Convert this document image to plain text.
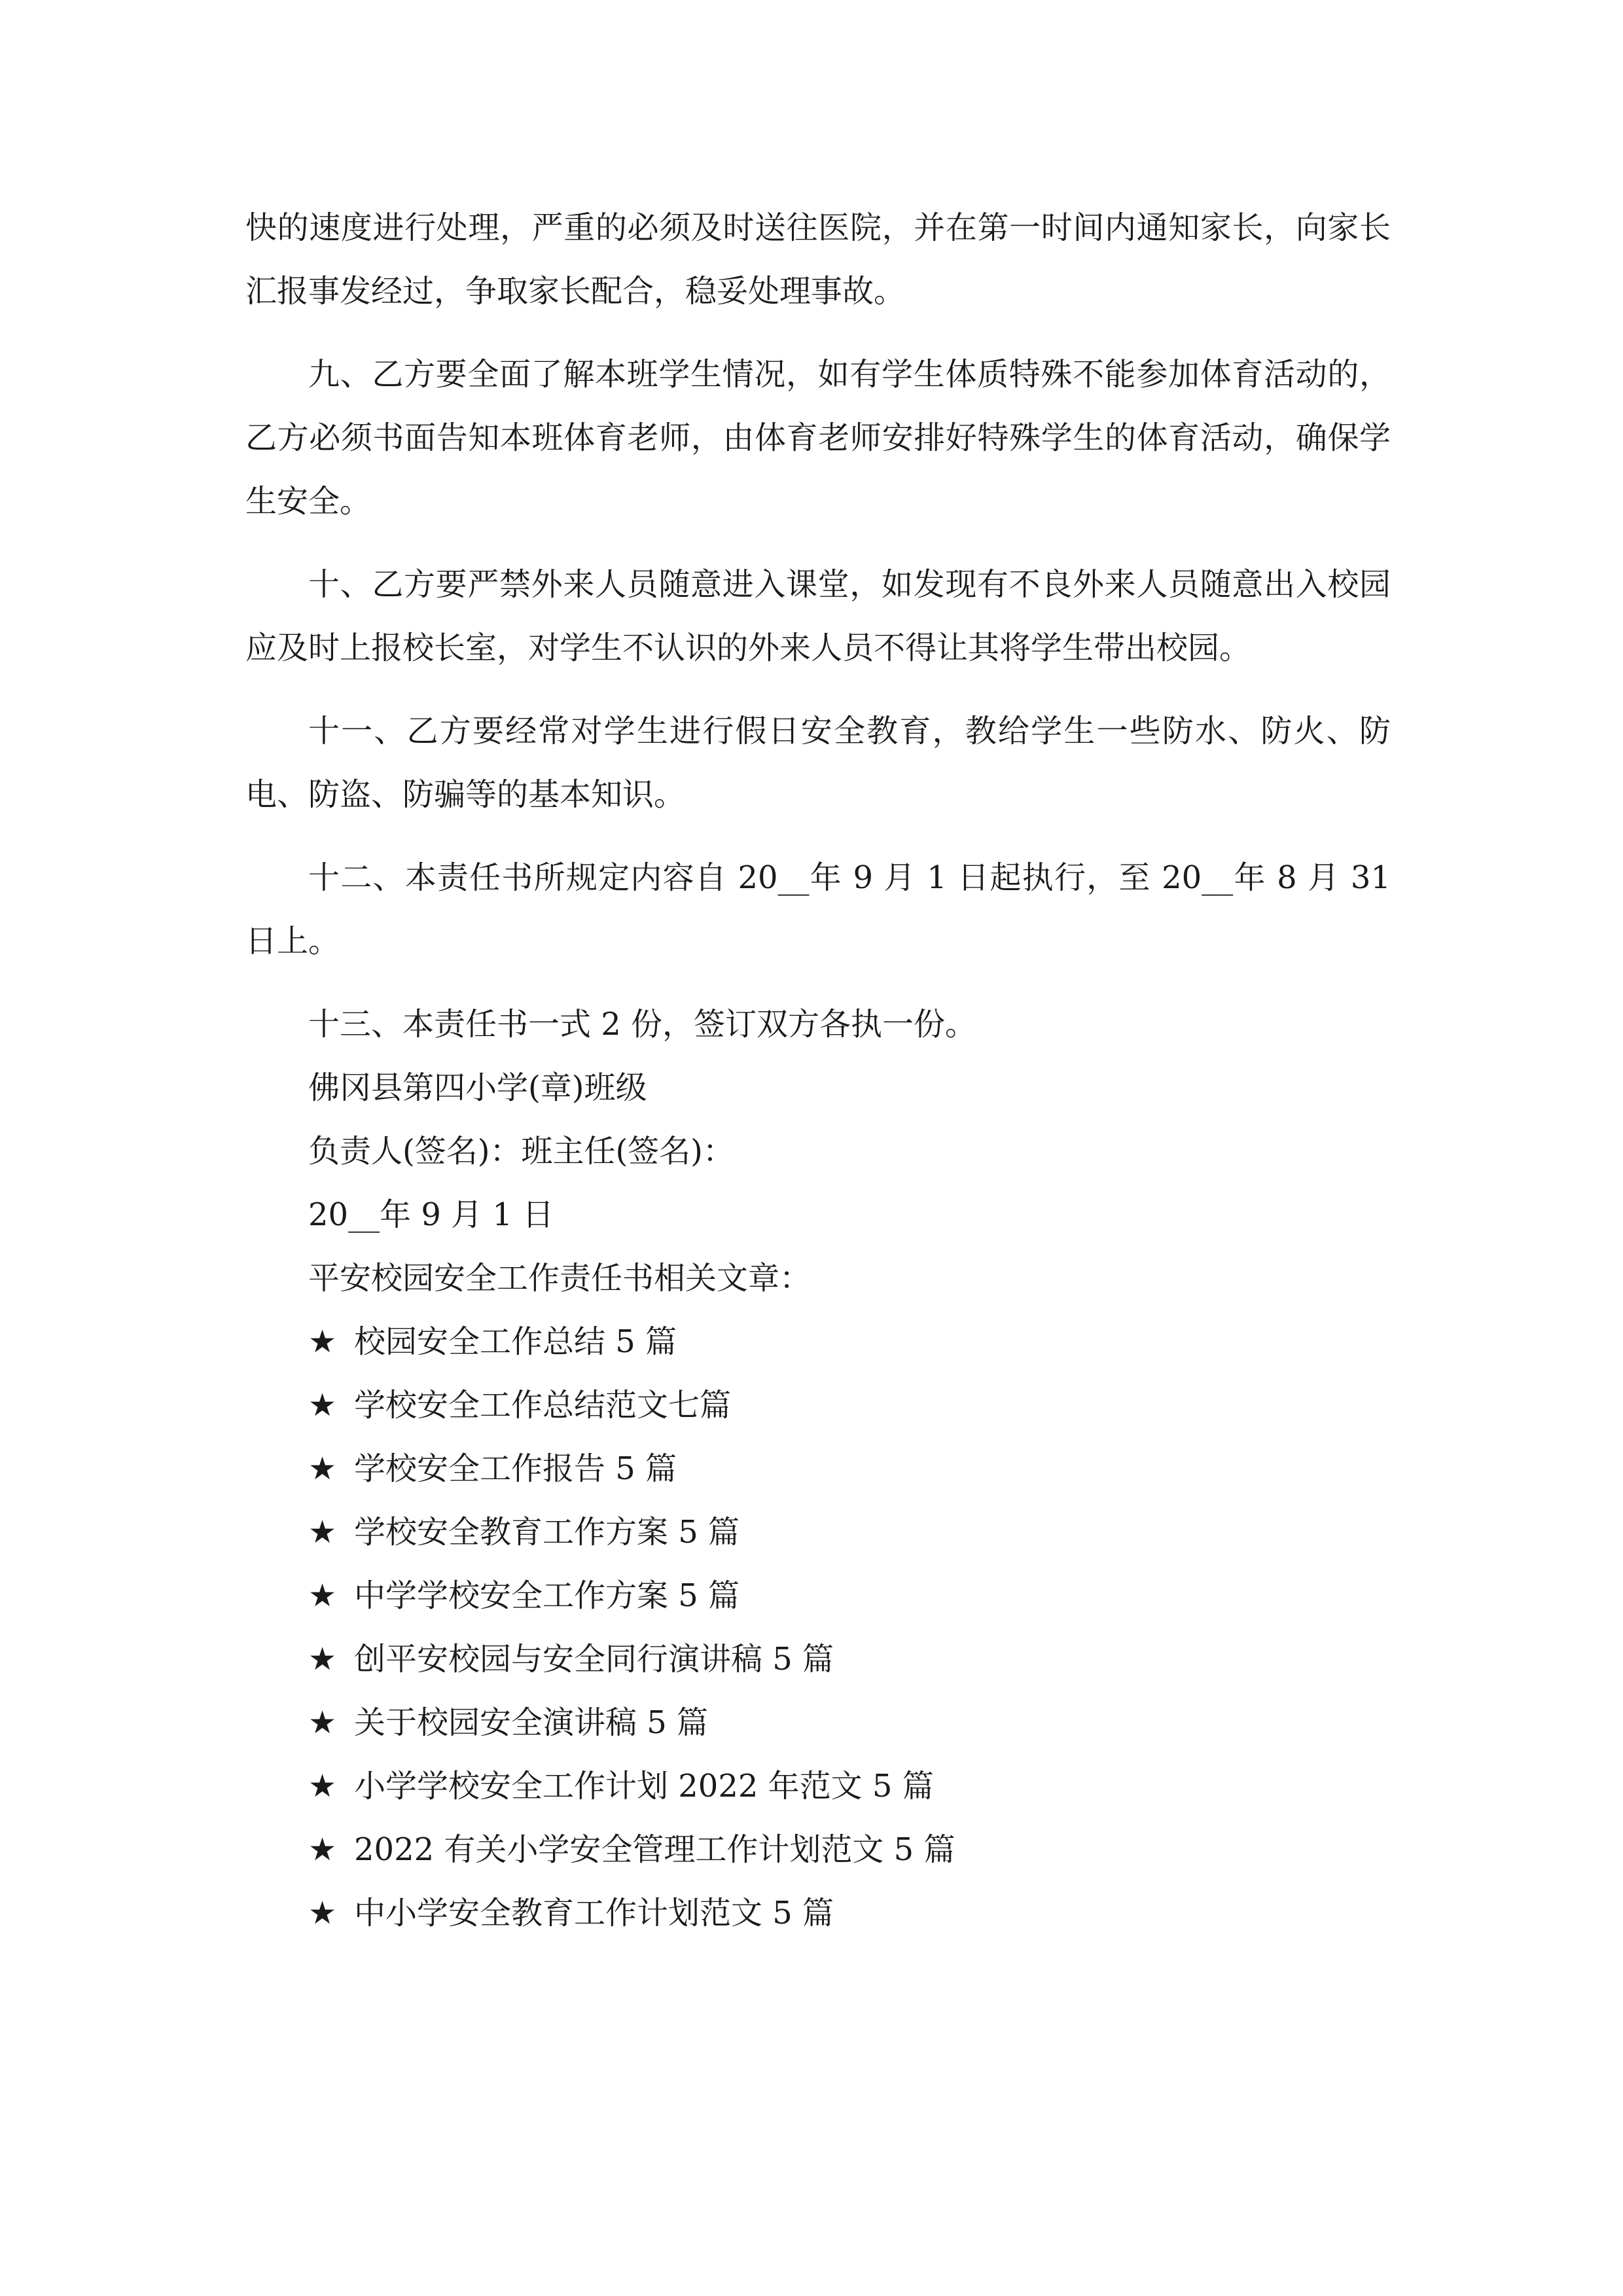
快的速度进行处理，严重的必须及时送往医院，并在第一时间内通知家长，向家长汇报事发经过，争取家长配合，稳妥处理事故。

九、乙方要全面了解本班学生情况，如有学生体质特殊不能参加体育活动的，乙方必须书面告知本班体育老师，由体育老师安排好特殊学生的体育活动，确保学生安全。

十、乙方要严禁外来人员随意进入课堂，如发现有不良外来人员随意出入校园应及时上报校长室，对学生不认识的外来人员不得让其将学生带出校园。

十一、乙方要经常对学生进行假日安全教育，教给学生一些防水、防火、防电、防盗、防骗等的基本知识。

十二、本责任书所规定内容自 20__年 9 月 1 日起执行，至 20__年 8 月 31 日上。

十三、本责任书一式 2 份，签订双方各执一份。

佛冈县第四小学(章)班级

负责人(签名)：班主任(签名)：

20__年 9 月 1 日

平安校园安全工作责任书相关文章：

★ 校园安全工作总结 5 篇
★ 学校安全工作总结范文七篇
★ 学校安全工作报告 5 篇
★ 学校安全教育工作方案 5 篇
★ 中学学校安全工作方案 5 篇
★ 创平安校园与安全同行演讲稿 5 篇
★ 关于校园安全演讲稿 5 篇
★ 小学学校安全工作计划 2022 年范文 5 篇
★ 2022 有关小学安全管理工作计划范文 5 篇
★ 中小学安全教育工作计划范文 5 篇
